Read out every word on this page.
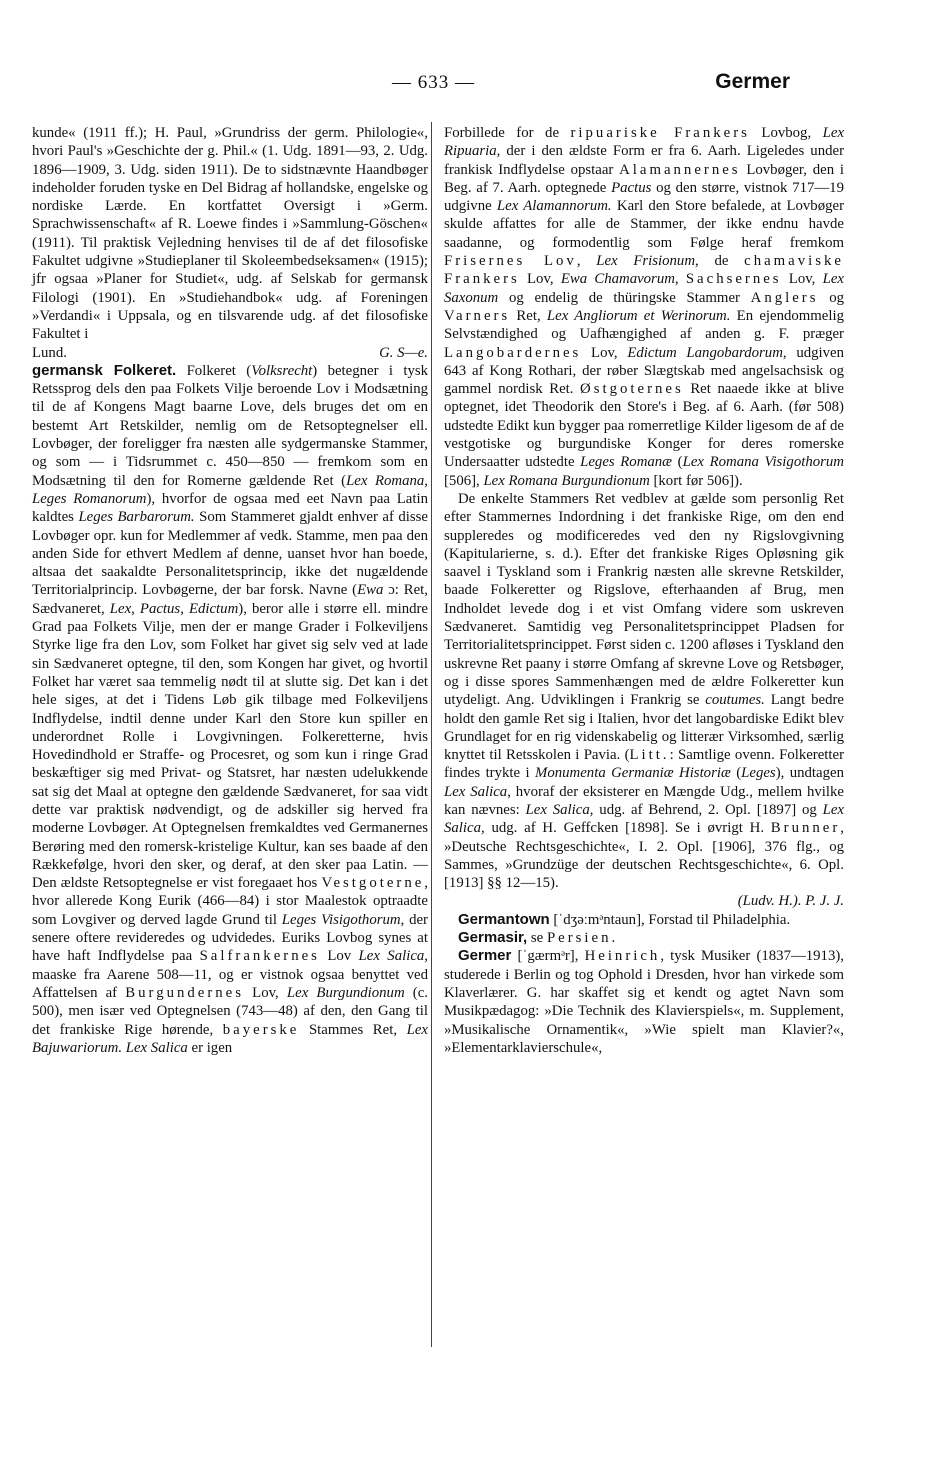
— 633 —	Germer

kunde« (1911 ff.); H. Paul, »Grundriss der germ. Philologie«, hvori Paul's »Geschichte der g. Phil.« (1. Udg. 1891—93, 2. Udg. 1896—1909, 3. Udg. siden 1911). De to sidstnævnte Haandbøger indeholder foruden tyske en Del Bidrag af hollandske, engelske og nordiske Lærde. En kortfattet Oversigt i »Germ. Sprachwissenschaft« af R. Loewe findes i »Sammlung-Göschen« (1911). Til praktisk Vejledning henvises til de af det filosofiske Fakultet udgivne »Studieplaner til Skoleembedseksamen« (1915); jfr ogsaa »Planer for Studiet«, udg. af Selskab for germansk Filologi (1901). En »Studiehandbok« udg. af Foreningen »Verdandi« i Uppsala, og en tilsvarende udg. af det filosofiske Fakultet i

Lund.	G. S—e.

germansk Folkeret. Folkeret (Volksrecht) betegner i tysk Retssprog dels den paa Folkets Vilje beroende Lov i Modsætning til de af Kongens Magt baarne Love, dels bruges det om en bestemt Art Retskilder, nemlig om de Retsoptegnelser ell. Lovbøger, der foreligger fra næsten alle sydgermanske Stammer, og som — i Tidsrummet c. 450—850 — fremkom som en Modsætning til den for Romerne gældende Ret (Lex Romana, Leges Romanorum), hvorfor de ogsaa med eet Navn paa Latin kaldtes Leges Barbarorum. Som Stammeret gjaldt enhver af disse Lovbøger opr. kun for Medlemmer af vedk. Stamme, men paa den anden Side for ethvert Medlem af denne, uanset hvor han boede, altsaa det saakaldte Personalitetsprincip, ikke det nugældende Territorialprincip. Lovbøgerne, der bar forsk. Navne (Ewa ɔ: Ret, Sædvaneret, Lex, Pactus, Edictum), beror alle i større ell. mindre Grad paa Folkets Vilje, men der er mange Grader i Folkeviljens Styrke lige fra den Lov, som Folket har givet sig selv ved at lade sin Sædvaneret optegne, til den, som Kongen har givet, og hvortil Folket har været saa temmelig nødt til at slutte sig. Det kan i det hele siges, at det i Tidens Løb gik tilbage med Folkeviljens Indflydelse, indtil denne under Karl den Store kun spiller en underordnet Rolle i Lovgivningen. Folkeretterne, hvis Hovedindhold er Straffe- og Procesret, og som kun i ringe Grad beskæftiger sig med Privat- og Statsret, har næsten udelukkende sat sig det Maal at optegne den gældende Sædvaneret, for saa vidt dette var praktisk nødvendigt, og de adskiller sig herved fra moderne Lovbøger. At Optegnelsen fremkaldtes ved Germanernes Berøring med den romersk-kristelige Kultur, kan ses baade af den Rækkefølge, hvori den sker, og deraf, at den sker paa Latin. — Den ældste Retsoptegnelse er vist foregaaet hos Vestgoterne, hvor allerede Kong Eurik (466—84) i stor Maalestok optraadte som Lovgiver og derved lagde Grund til Leges Visigothorum, der senere oftere revideredes og udvidedes. Euriks Lovbog synes at have haft Indflydelse paa Salfrankernes Lov Lex Salica, maaske fra Aarene 508—11, og er vistnok ogsaa benyttet ved Affattelsen af Burgundernes Lov, Lex Burgundionum (c. 500), men især ved Optegnelsen (743—48) af den, den Gang til det frankiske Rige hørende, bayerske Stammes Ret, Lex Bajuwariorum. Lex Salica er igen

Forbillede for de ripuariske Frankers Lovbog, Lex Ripuaria, der i den ældste Form er fra 6. Aarh. Ligeledes under frankisk Indflydelse opstaar Alamannernes Lovbøger, den i Beg. af 7. Aarh. optegnede Pactus og den større, vistnok 717—19 udgivne Lex Alamannorum. Karl den Store befalede, at Lovbøger skulde affattes for alle de Stammer, der ikke endnu havde saadanne, og formodentlig som Følge heraf fremkom Frisernes Lov, Lex Frisionum, de chamaviske Frankers Lov, Ewa Chamavorum, Sachsernes Lov, Lex Saxonum og endelig de thüringske Stammer Anglers og Varners Ret, Lex Angliorum et Werinorum. En ejendommelig Selvstændighed og Uafhængighed af anden g. F. præger Langobardernes Lov, Edictum Langobardorum, udgiven 643 af Kong Rothari, der røber Slægtskab med angelsachsisk og gammel nordisk Ret. Østgoternes Ret naaede ikke at blive optegnet, idet Theodorik den Store's i Beg. af 6. Aarh. (før 508) udstedte Edikt kun bygger paa romerretlige Kilder ligesom de af de vestgotiske og burgundiske Konger for deres romerske Undersaatter udstedte Leges Romanæ (Lex Romana Visigothorum [506], Lex Romana Burgundionum [kort før 506]).

De enkelte Stammers Ret vedblev at gælde som personlig Ret efter Stammernes Indordning i det frankiske Rige, om den end suppleredes og modificeredes ved den ny Rigslovgivning (Kapitularierne, s. d.). Efter det frankiske Riges Opløsning gik saavel i Tyskland som i Frankrig næsten alle skrevne Retskilder, baade Folkeretter og Rigslove, efterhaanden af Brug, men Indholdet levede dog i et vist Omfang videre som uskreven Sædvaneret. Samtidig veg Personalitetsprincippet Pladsen for Territorialitetsprincippet. Først siden c. 1200 afløses i Tyskland den uskrevne Ret paany i større Omfang af skrevne Love og Retsbøger, og i disse spores Sammenhængen med de ældre Folkeretter kun utydeligt. Ang. Udviklingen i Frankrig se coutumes. Langt bedre holdt den gamle Ret sig i Italien, hvor det langobardiske Edikt blev Grundlaget for en rig videnskabelig og litterær Virksomhed, særlig knyttet til Retsskolen i Pavia. (Litt.: Samtlige ovenn. Folkeretter findes trykte i Monumenta Germaniæ Historiæ (Leges), undtagen Lex Salica, hvoraf der eksisterer en Mængde Udg., mellem hvilke kan nævnes: Lex Salica, udg. af Behrend, 2. Opl. [1897] og Lex Salica, udg. af H. Geffcken [1898]. Se i øvrigt H. Brunner, »Deutsche Rechtsgeschichte«, I. 2. Opl. [1906], 376 flg., og Sammes, »Grundzüge der deutschen Rechtsgeschichte«, 6. Opl. [1913] §§ 12—15).

(Ludv. H.). P. J. J.

Germantown [ˈdʒəːmᵊntaun], Forstad til Philadelphia.

Germasir, se Persien.

Germer [ˈgærmᵊr], Heinrich, tysk Musiker (1837—1913), studerede i Berlin og tog Ophold i Dresden, hvor han virkede som Klaverlærer. G. har skaffet sig et kendt og agtet Navn som Musikpædagog: »Die Technik des Klavierspiels«, m. Supplement, »Musikalische Ornamentik«, »Wie spielt man Klavier?«, »Elementarklavierschule«,
